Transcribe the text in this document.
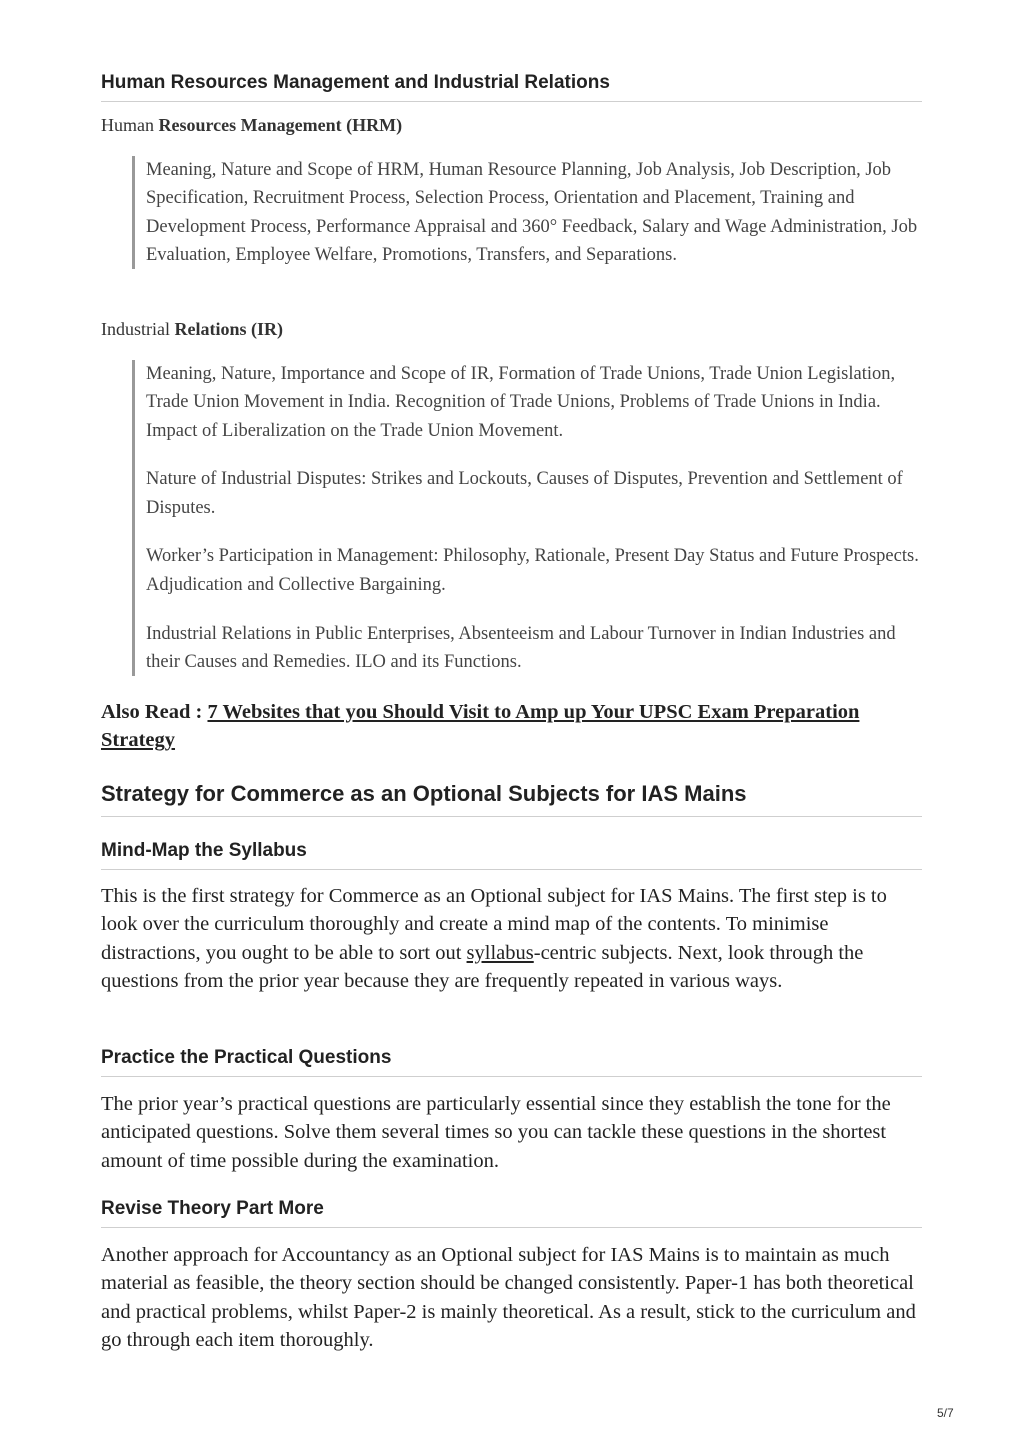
Human Resources Management and Industrial Relations

Human Resources Management (HRM)

Meaning, Nature and Scope of HRM, Human Resource Planning, Job Analysis, Job Description, Job Specification, Recruitment Process, Selection Process, Orientation and Placement, Training and Development Process, Performance Appraisal and 360° Feedback, Salary and Wage Administration, Job Evaluation, Employee Welfare, Promotions, Transfers, and Separations.

Industrial Relations (IR)

Meaning, Nature, Importance and Scope of IR, Formation of Trade Unions, Trade Union Legislation, Trade Union Movement in India. Recognition of Trade Unions, Problems of Trade Unions in India. Impact of Liberalization on the Trade Union Movement.

Nature of Industrial Disputes: Strikes and Lockouts, Causes of Disputes, Prevention and Settlement of Disputes.

Worker’s Participation in Management: Philosophy, Rationale, Present Day Status and Future Prospects. Adjudication and Collective Bargaining.

Industrial Relations in Public Enterprises, Absenteeism and Labour Turnover in Indian Industries and their Causes and Remedies. ILO and its Functions.

Also Read : 7 Websites that you Should Visit to Amp up Your UPSC Exam Preparation Strategy

Strategy for Commerce as an Optional Subjects for IAS Mains
Mind-Map the Syllabus

This is the first strategy for Commerce as an Optional subject for IAS Mains. The first step is to look over the curriculum thoroughly and create a mind map of the contents. To minimise distractions, you ought to be able to sort out syllabus-centric subjects. Next, look through the questions from the prior year because they are frequently repeated in various ways.

Practice the Practical Questions

The prior year’s practical questions are particularly essential since they establish the tone for the anticipated questions. Solve them several times so you can tackle these questions in the shortest amount of time possible during the examination.

Revise Theory Part More

Another approach for Accountancy as an Optional subject for IAS Mains is to maintain as much material as feasible, the theory section should be changed consistently. Paper-1 has both theoretical and practical problems, whilst Paper-2 is mainly theoretical. As a result, stick to the curriculum and go through each item thoroughly.

5/7
